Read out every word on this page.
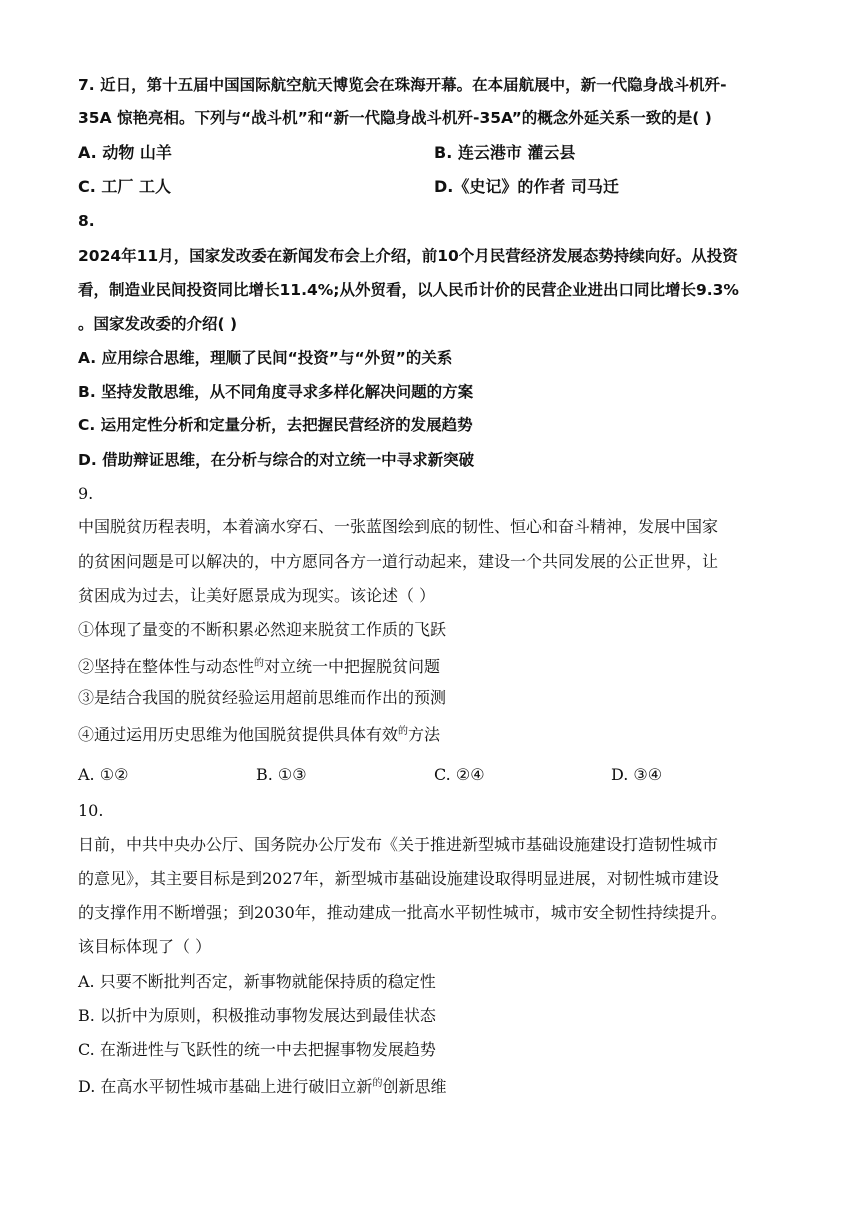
7. 近日，第十五届中国国际航空航天博览会在珠海开幕。在本届航展中，新一代隐身战斗机歼-
35A 惊艳亮相。下列与“战斗机”和“新一代隐身战斗机歼-35A”的概念外延关系一致的是( )
A. 动物 山羊	B. 连云港市 灌云县
C. 工厂 工人	D.《史记》的作者 司马迁
8.
2024年11月，国家发改委在新闻发布会上介绍，前10个月民营经济发展态势持续向好。从投资
看，制造业民间投资同比增长11.4%;从外贸看，以人民币计价的民营企业进出口同比增长9.3%
。国家发改委的介绍( )
A. 应用综合思维，理顺了民间“投资”与“外贸”的关系
B. 坚持发散思维，从不同角度寻求多样化解决问题的方案
C. 运用定性分析和定量分析，去把握民营经济的发展趋势
D. 借助辩证思维，在分析与综合的对立统一中寻求新突破
9.
中国脱贫历程表明，本着滴水穿石、一张蓝图绘到底的韧性、恒心和奋斗精神，发展中国家
的贫困问题是可以解决的，中方愿同各方一道行动起来，建设一个共同发展的公正世界，让
贫困成为过去，让美好愿景成为现实。该论述（ ）
①体现了量变的不断积累必然迎来脱贫工作质的飞跃
②坚持在整体性与动态性$^的$对立统一中把握脱贫问题
③是结合我国的脱贫经验运用超前思维而作出的预测
④通过运用历史思维为他国脱贫提供具体有效$^的$方法
A. ①②	B. ①③	C. ②④	D. ③④
10.
日前，中共中央办公厅、国务院办公厅发布《关于推进新型城市基础设施建设打造韧性城市
的意见》，其主要目标是到2027年，新型城市基础设施建设取得明显进展，对韧性城市建设
的支撑作用不断增强；到2030年，推动建成一批高水平韧性城市，城市安全韧性持续提升。
该目标体现了（ ）
A. 只要不断批判否定，新事物就能保持质的稳定性
B. 以折中为原则，积极推动事物发展达到最佳状态
C. 在渐进性与飞跃性的统一中去把握事物发展趋势
D. 在高水平韧性城市基础上进行破旧立新$^的$创新思维
